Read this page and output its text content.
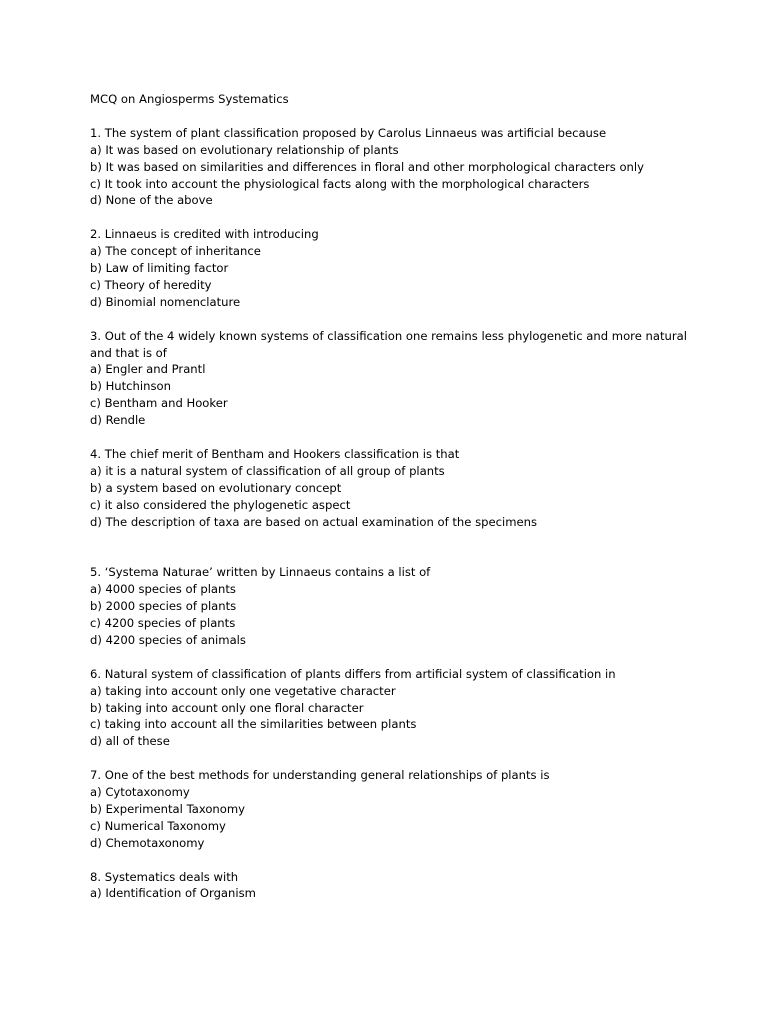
MCQ on Angiosperms Systematics
1. The system of plant classification proposed by Carolus Linnaeus was artificial because
a) It was based on evolutionary relationship of plants
b) It was based on similarities and differences in floral and other morphological characters only
c) It took into account the physiological facts along with the morphological characters
d) None of the above
2. Linnaeus is credited with introducing
a) The concept of inheritance
b) Law of limiting factor
c) Theory of heredity
d) Binomial nomenclature
3. Out of the 4 widely known systems of classification one remains less phylogenetic and more natural and that is of
a) Engler and Prantl
b) Hutchinson
c) Bentham and Hooker
d) Rendle
4. The chief merit of Bentham and Hookers classification is that
a) it is a natural system of classification of all group of plants
b) a system based on evolutionary concept
c) it also considered the phylogenetic aspect
d) The description of taxa are based on actual examination of the specimens
5. ‘Systema Naturae’ written by Linnaeus contains a list of
a) 4000 species of plants
b) 2000 species of plants
c) 4200 species of plants
d) 4200 species of animals
6. Natural system of classification of plants differs from artificial system of classification in
a) taking into account only one vegetative character
b) taking into account only one floral character
c) taking into account all the similarities between plants
d) all of these
7. One of the best methods for understanding general relationships of plants is
a) Cytotaxonomy
b) Experimental Taxonomy
c) Numerical Taxonomy
d) Chemotaxonomy
8. Systematics deals with
a) Identification of Organism
